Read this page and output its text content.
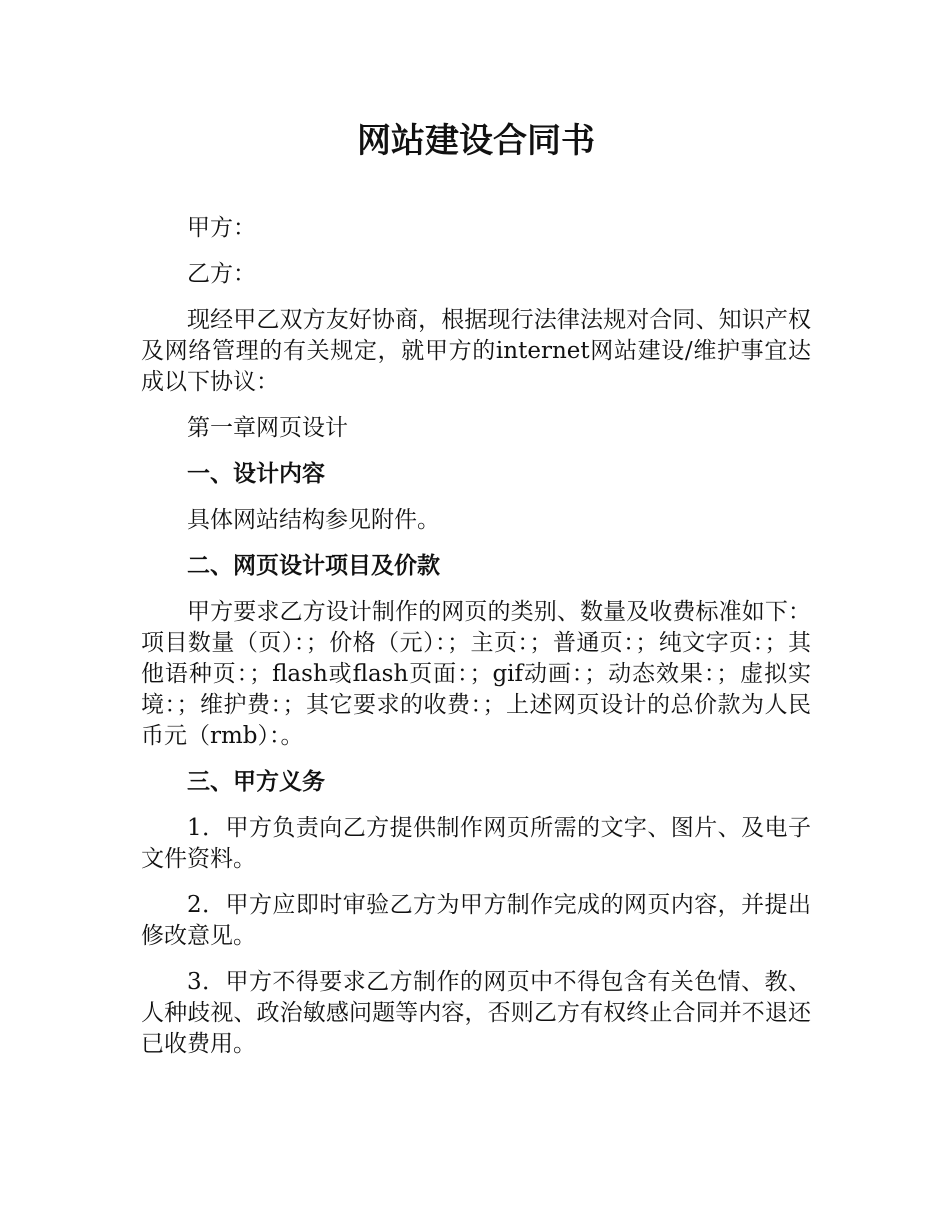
网站建设合同书

甲方：

乙方：

现经甲乙双方友好协商，根据现行法律法规对合同、知识产权及网络管理的有关规定，就甲方的internet网站建设/维护事宜达成以下协议：

第一章网页设计

一、设计内容

具体网站结构参见附件。

二、网页设计项目及价款

甲方要求乙方设计制作的网页的类别、数量及收费标准如下：项目数量（页）：；价格（元）：；主页：；普通页：；纯文字页：；其他语种页：；flash或flash页面：；gif动画：；动态效果：；虚拟实境：；维护费：；其它要求的收费：；上述网页设计的总价款为人民币元（rmb）：。

三、甲方义务

1．甲方负责向乙方提供制作网页所需的文字、图片、及电子文件资料。

2．甲方应即时审验乙方为甲方制作完成的网页内容，并提出修改意见。

3．甲方不得要求乙方制作的网页中不得包含有关色情、教、人种歧视、政治敏感问题等内容，否则乙方有权终止合同并不退还已收费用。
